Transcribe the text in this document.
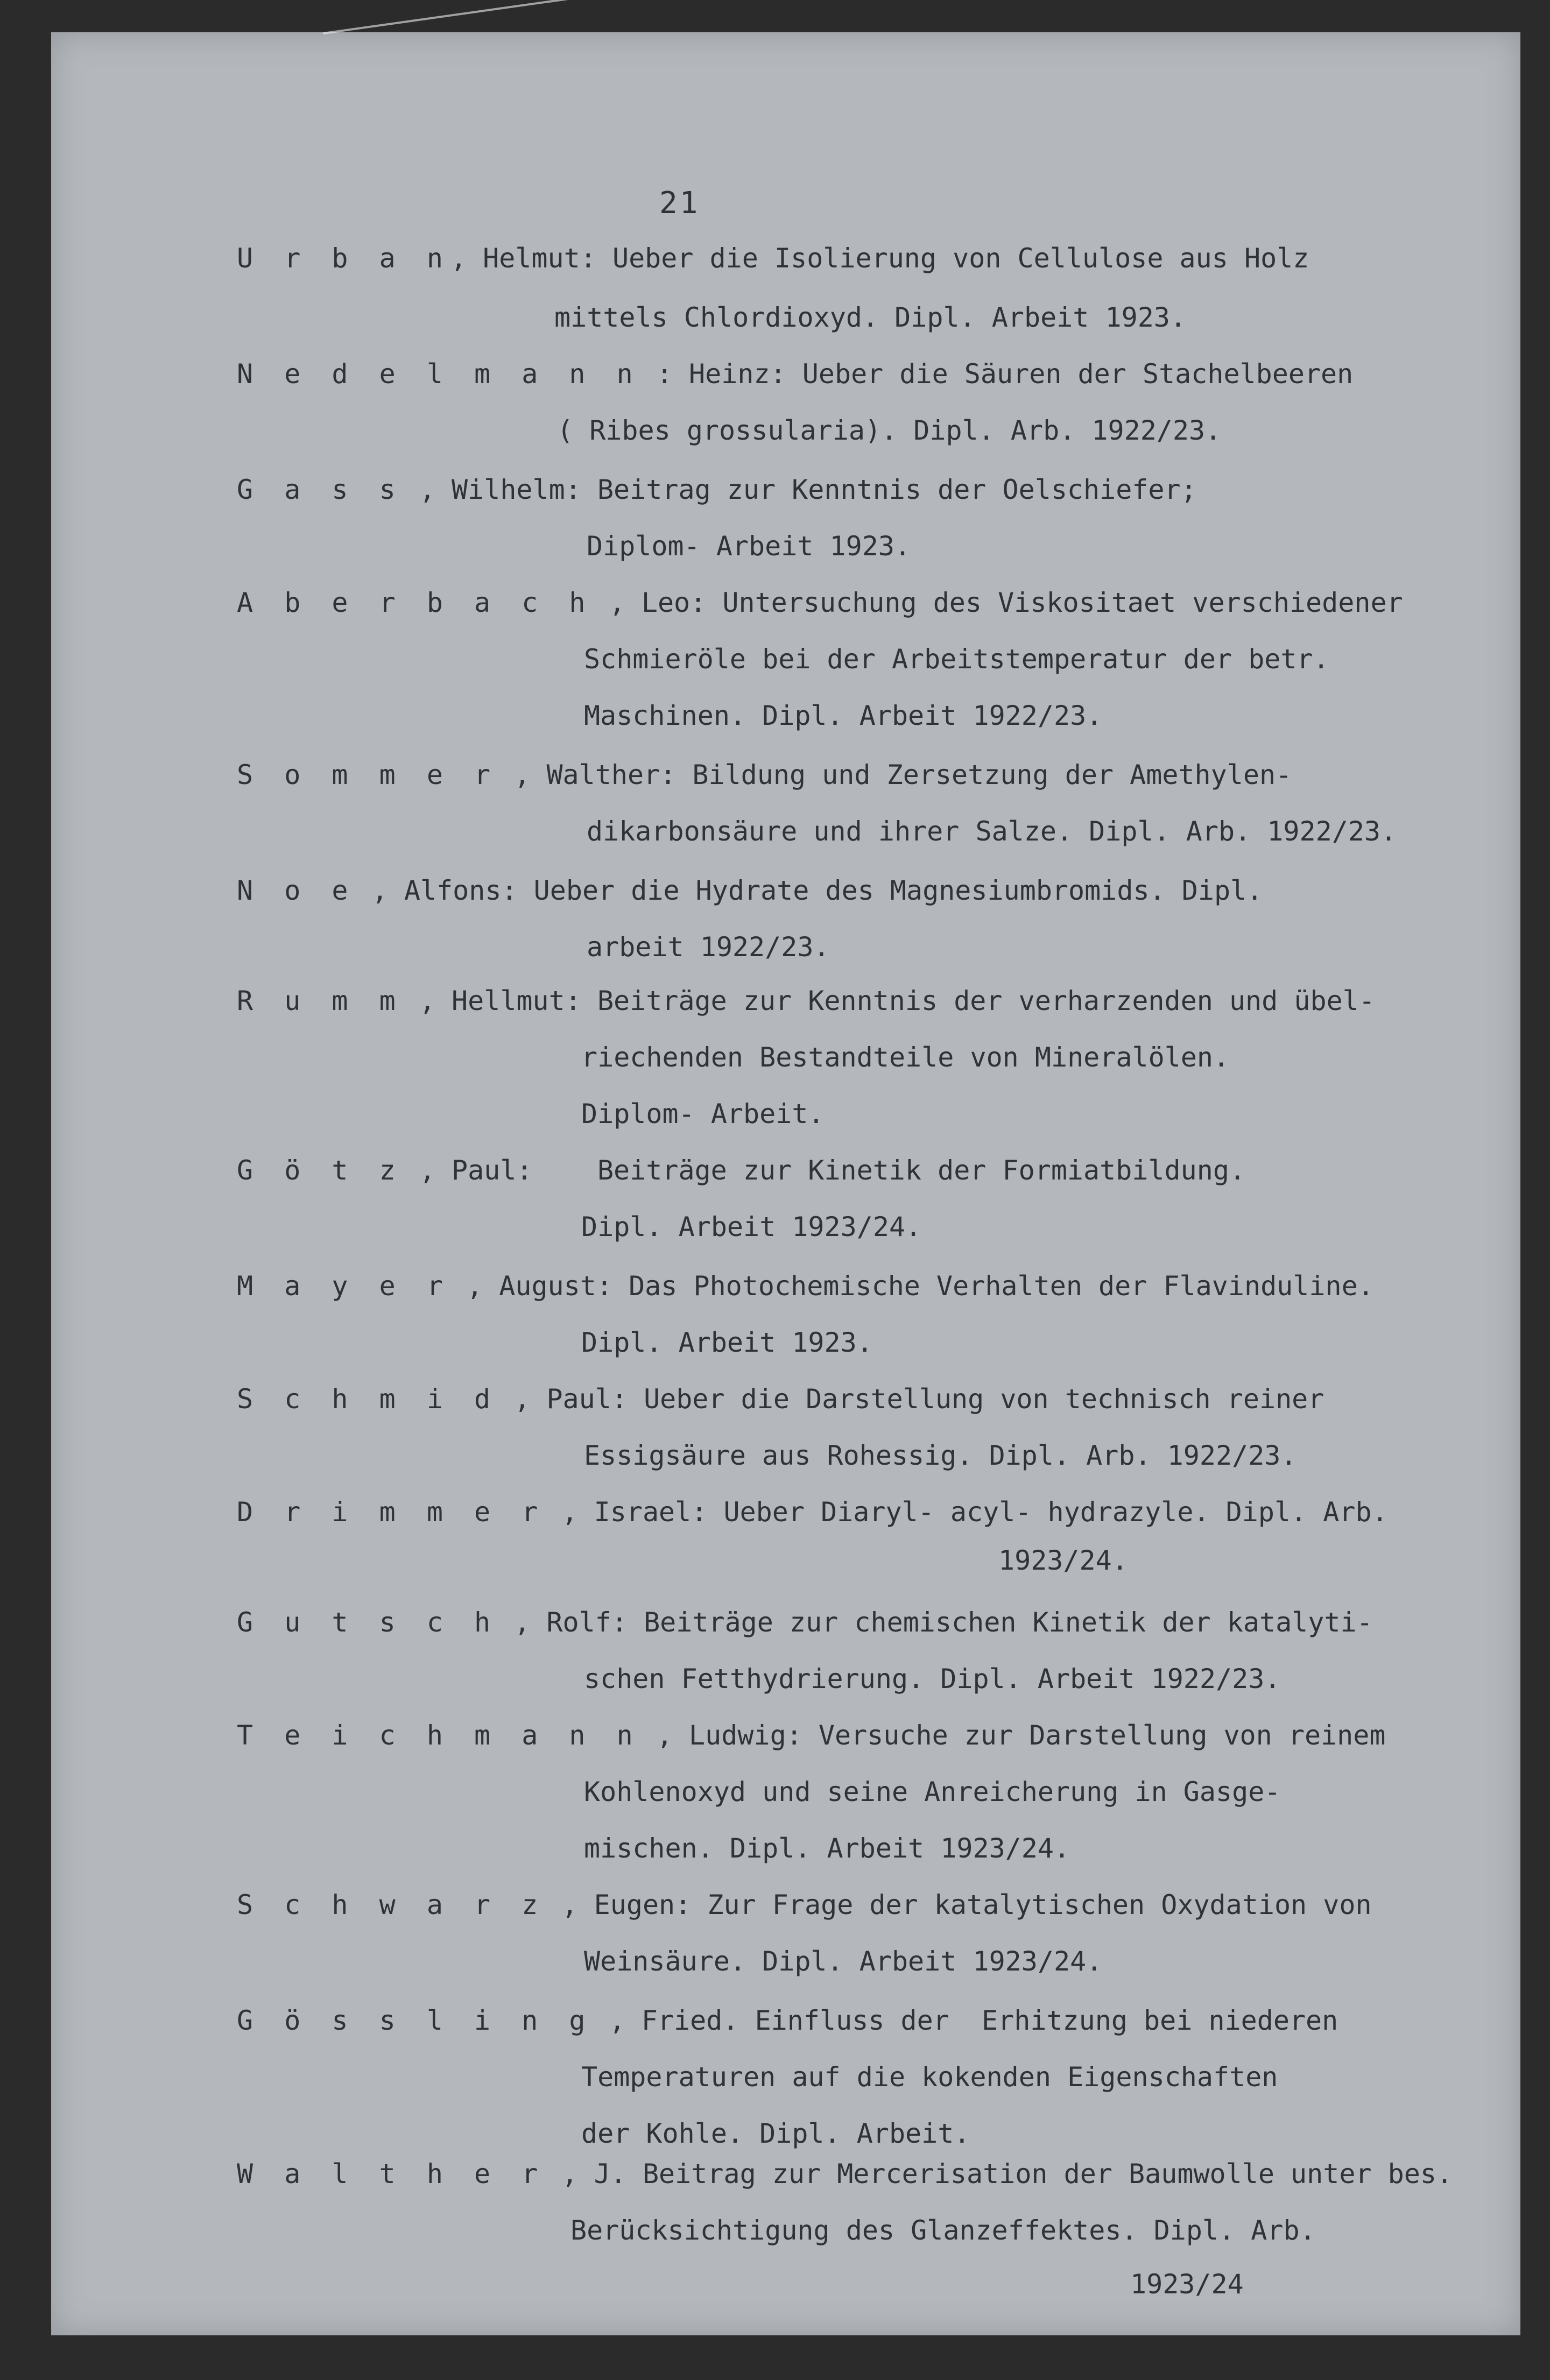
21
U r b a n, Helmut: Ueber die Isolierung von Cellulose aus Holz
mittels Chlordioxyd. Dipl. Arbeit 1923.
N e d e l m a n n : Heinz: Ueber die Säuren der Stachelbeeren
( Ribes grossularia). Dipl. Arb. 1922/23.
G a s s , Wilhelm: Beitrag zur Kenntnis der Oelschiefer;
Diplom- Arbeit 1923.
A b e r b a c h , Leo: Untersuchung des Viskositaet verschiedener
Schmieröle bei der Arbeitstemperatur der betr.
Maschinen. Dipl. Arbeit 1922/23.
S o m m e r , Walther: Bildung und Zersetzung der Amethylen-
dikarbonsäure und ihrer Salze. Dipl. Arb. 1922/23.
N o e , Alfons: Ueber die Hydrate des Magnesiumbromids. Dipl.
arbeit 1922/23.
R u m m , Hellmut: Beiträge zur Kenntnis der verharzenden und übel-
riechenden Bestandteile von Mineralölen.
Diplom- Arbeit.
G ö t z , Paul:    Beiträge zur Kinetik der Formiatbildung.
Dipl. Arbeit 1923/24.
M a y e r , August: Das Photochemische Verhalten der Flavinduline.
Dipl. Arbeit 1923.
S c h m i d , Paul: Ueber die Darstellung von technisch reiner
Essigsäure aus Rohessig. Dipl. Arb. 1922/23.
D r i m m e r , Israel: Ueber Diaryl- acyl- hydrazyle. Dipl. Arb.
1923/24.
G u t s c h , Rolf: Beiträge zur chemischen Kinetik der katalyti-
schen Fetthydrierung. Dipl. Arbeit 1922/23.
T e i c h m a n n , Ludwig: Versuche zur Darstellung von reinem
Kohlenoxyd und seine Anreicherung in Gasge-
mischen. Dipl. Arbeit 1923/24.
S c h w a r z , Eugen: Zur Frage der katalytischen Oxydation von
Weinsäure. Dipl. Arbeit 1923/24.
G ö s s l i n g , Fried. Einfluss der  Erhitzung bei niederen
Temperaturen auf die kokenden Eigenschaften
der Kohle. Dipl. Arbeit.
W a l t h e r , J. Beitrag zur Mercerisation der Baumwolle unter bes.
Berücksichtigung des Glanzeffektes. Dipl. Arb.
1923/24
